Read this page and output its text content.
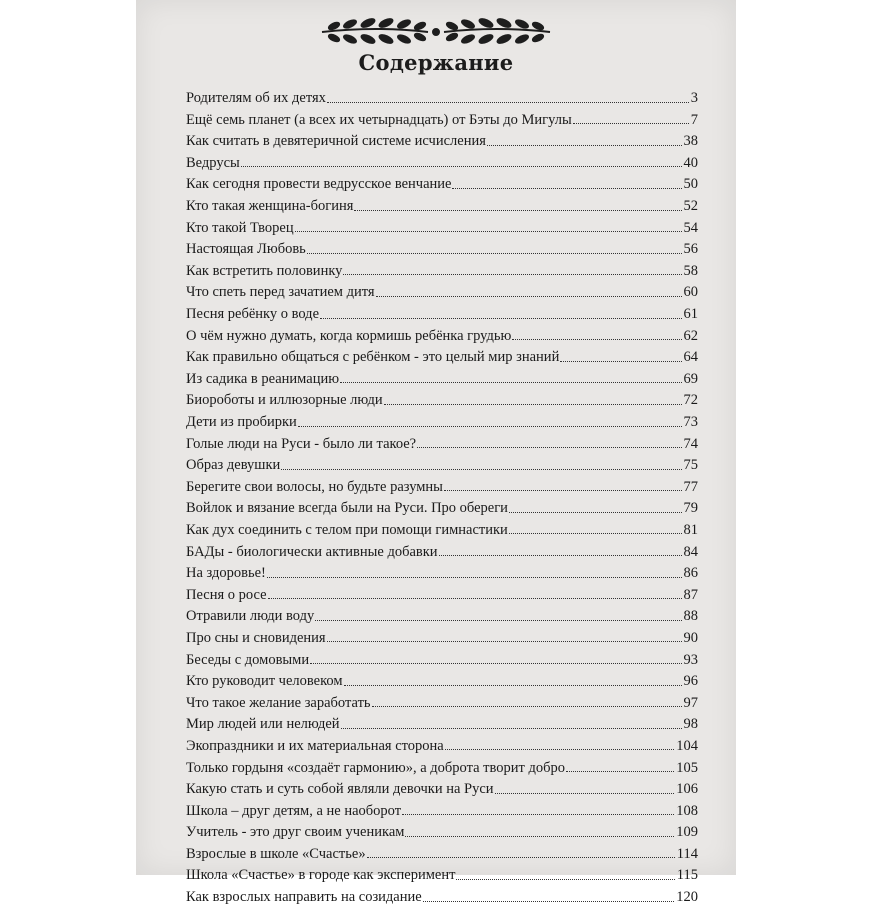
Содержание
Родителям об их детях	3
Ещё семь планет (а всех их четырнадцать) от Бэты до Мигулы	7
Как считать в девятеричной системе исчисления	38
Ведрусы	40
Как сегодня провести ведрусское венчание	50
Кто такая женщина-богиня	52
Кто такой Творец	54
Настоящая Любовь	56
Как встретить половинку	58
Что спеть перед зачатием дитя	60
Песня ребёнку о воде	61
О чём нужно думать, когда кормишь ребёнка грудью	62
Как правильно общаться с ребёнком - это целый мир знаний	64
Из садика в реанимацию	69
Биороботы и иллюзорные люди	72
Дети из пробирки	73
Голые люди на Руси - было ли такое?	74
Образ девушки	75
Берегите свои волосы, но будьте разумны	77
Войлок и вязание всегда были на Руси. Про обереги	79
Как дух соединить с телом при помощи гимнастики	81
БАДы - биологически активные добавки	84
На здоровье!	86
Песня о росе	87
Отравили люди воду	88
Про сны и сновидения	90
Беседы с домовыми	93
Кто руководит человеком	96
Что такое желание заработать	97
Мир людей или нелюдей	98
Экопраздники и их материальная сторона	104
Только гордыня «создаёт гармонию», а доброта творит добро	105
Какую стать и суть собой являли девочки на Руси	106
Школа – друг детям, а не наоборот	108
Учитель - это друг своим ученикам	109
Взрослые в школе «Счастье»	114
Школа «Счастье» в городе как эксперимент	115
Как взрослых направить на созидание	120
